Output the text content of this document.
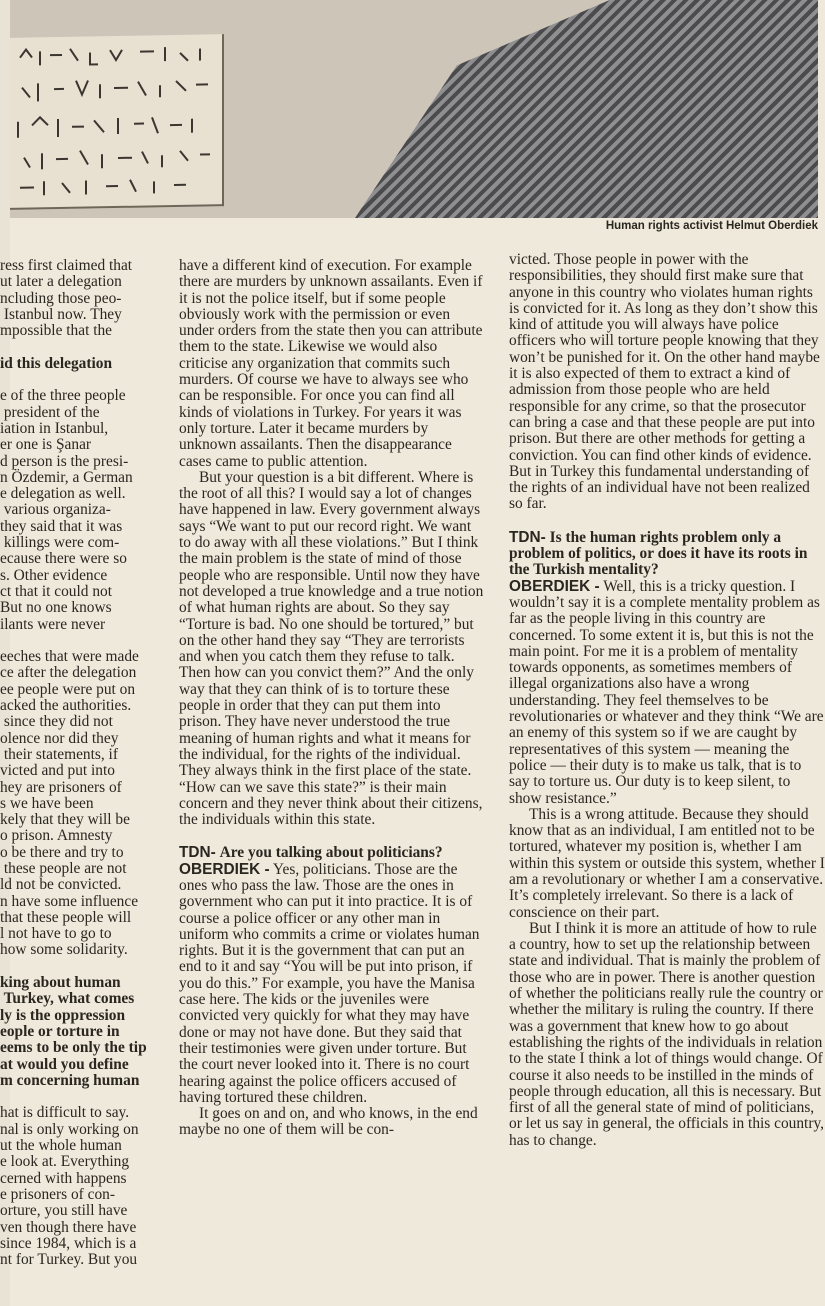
Human rights activist Helmut Oberdiek
ress first claimed that
ut later a delegation
ncluding those peo-
Istanbul now. They
mpossible that the
id this delegation
e of the three people
president of the
iation in Istanbul,
er one is Şanar
d person is the presi-
n Özdemir, a German
e delegation as well.
various organiza-
they said that it was
killings were com-
ecause there were so
s. Other evidence
ct that it could not
But no one knows
ilants were never
eeches that were made
ce after the delegation
ee people were put on
acked the authorities.
since they did not
olence nor did they
their statements, if
victed and put into
hey are prisoners of
s we have been
kely that they will be
o prison. Amnesty
o be there and try to
these people are not
ld not be convicted.
n have some influence
that these people will
l not have to go to
how some solidarity.
king about human
Turkey, what comes
ly is the oppression
eople or torture in
eems to be only the tip
at would you define
m concerning human
hat is difficult to say.
nal is only working on
ut the whole human
e look at. Everything
cerned with happens
e prisoners of con-
orture, you still have
ven though there have
since 1984, which is a
nt for Turkey. But you

have a different kind of execution. For example there are murders by unknown assailants. Even if it is not the police itself, but if some people obviously work with the permission or even under orders from the state then you can attribute them to the state. Likewise we would also criticise any organization that commits such murders. Of course we have to always see who can be responsible. For once you can find all kinds of violations in Turkey. For years it was only torture. Later it became murders by unknown assailants. Then the disappearance cases came to public attention.

But your question is a bit different. Where is the root of all this? I would say a lot of changes have happened in law. Every government always says “We want to put our record right. We want to do away with all these violations.” But I think the main problem is the state of mind of those people who are responsible. Until now they have not developed a true knowledge and a true notion of what human rights are about. So they say “Torture is bad. No one should be tortured,” but on the other hand they say “They are terrorists and when you catch them they refuse to talk. Then how can you convict them?” And the only way that they can think of is to torture these people in order that they can put them into prison. They have never understood the true meaning of human rights and what it means for the individual, for the rights of the individual. They always think in the first place of the state. “How can we save this state?” is their main concern and they never think about their citizens, the individuals within this state.

TDN- Are you talking about politicians?

OBERDIEK - Yes, politicians. Those are the ones who pass the law. Those are the ones in government who can put it into practice. It is of course a police officer or any other man in uniform who commits a crime or violates human rights. But it is the government that can put an end to it and say “You will be put into prison, if you do this.” For example, you have the Manisa case here. The kids or the juveniles were convicted very quickly for what they may have done or may not have done. But they said that their testimonies were given under torture. But the court never looked into it. There is no court hearing against the police officers accused of having tortured these children.

It goes on and on, and who knows, in the end maybe no one of them will be con-

victed. Those people in power with the responsibilities, they should first make sure that anyone in this country who violates human rights is convicted for it. As long as they don’t show this kind of attitude you will always have police officers who will torture people knowing that they won’t be punished for it. On the other hand maybe it is also expected of them to extract a kind of admission from those people who are held responsible for any crime, so that the prosecutor can bring a case and that these people are put into prison. But there are other methods for getting a conviction. You can find other kinds of evidence. But in Turkey this fundamental understanding of the rights of an individual have not been realized so far.

TDN- Is the human rights problem only a problem of politics, or does it have its roots in the Turkish mentality?

OBERDIEK - Well, this is a tricky question. I wouldn’t say it is a complete mentality problem as far as the people living in this country are concerned. To some extent it is, but this is not the main point. For me it is a problem of mentality towards opponents, as sometimes members of illegal organizations also have a wrong understanding. They feel themselves to be revolutionaries or whatever and they think “We are an enemy of this system so if we are caught by representatives of this system — meaning the police — their duty is to make us talk, that is to say to torture us. Our duty is to keep silent, to show resistance.”

This is a wrong attitude. Because they should know that as an individual, I am entitled not to be tortured, whatever my position is, whether I am within this system or outside this system, whether I am a revolutionary or whether I am a conservative. It’s completely irrelevant. So there is a lack of conscience on their part.

But I think it is more an attitude of how to rule a country, how to set up the relationship between state and individual. That is mainly the problem of those who are in power. There is another question of whether the politicians really rule the country or whether the military is ruling the country. If there was a government that knew how to go about establishing the rights of the individuals in relation to the state I think a lot of things would change. Of course it also needs to be instilled in the minds of people through education, all this is necessary. But first of all the general state of mind of politicians, or let us say in general, the officials in this country, has to change.
